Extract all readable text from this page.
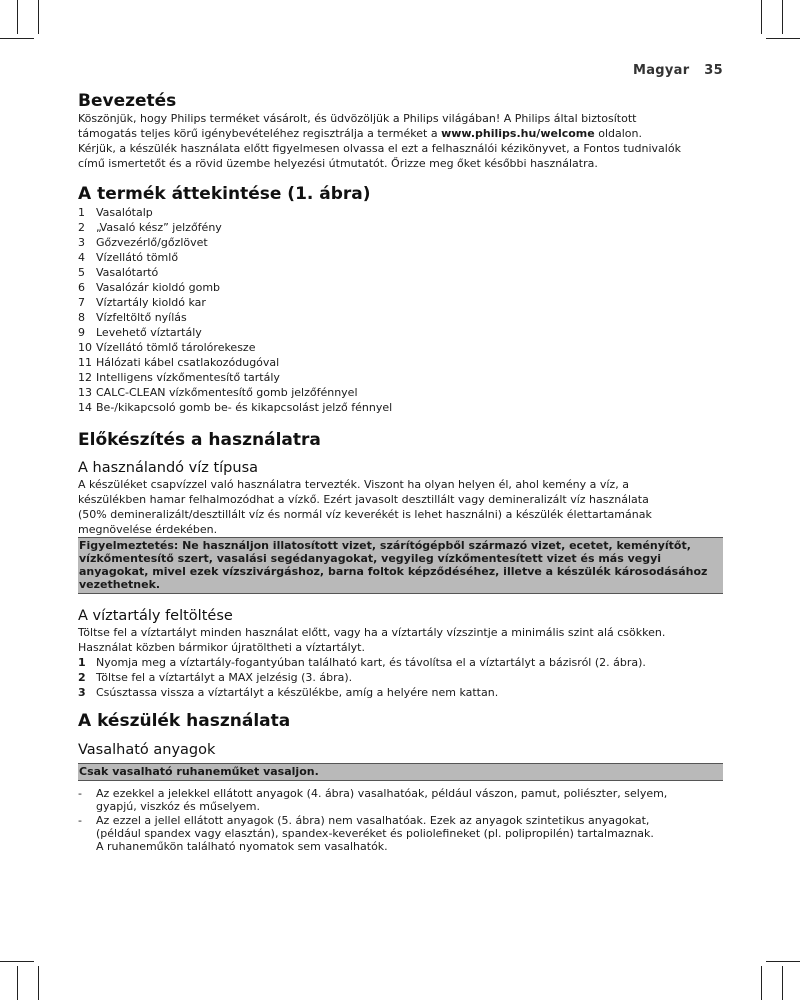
Magyar 35
Bevezetés

Köszönjük, hogy Philips terméket vásárolt, és üdvözöljük a Philips világában! A Philips által biztosított
támogatás teljes körű igénybevételéhez regisztrálja a terméket a www.philips.hu/welcome oldalon.

Kérjük, a készülék használata előtt figyelmesen olvassa el ezt a felhasználói kézikönyvet, a Fontos tudnivalók
című ismertetőt és a rövid üzembe helyezési útmutatót. Őrizze meg őket későbbi használatra.

A termék áttekintése (1. ábra)
1 Vasalótalp
2 „Vasaló kész” jelzőfény
3 Gőzvezérlő/gőzlövet
4 Vízellátó tömlő
5 Vasalótartó
6 Vasalózár kioldó gomb
7 Víztartály kioldó kar
8 Vízfeltöltő nyílás
9 Levehető víztartály
10 Vízellátó tömlő tárolórekesze
11 Hálózati kábel csatlakozódugóval
12 Intelligens vízkőmentesítő tartály
13 CALC-CLEAN vízkőmentesítő gomb jelzőfénnyel
14 Be-/kikapcsoló gomb be- és kikapcsolást jelző fénnyel
Előkészítés a használatra
A használandó víz típusa

A készüléket csapvízzel való használatra tervezték. Viszont ha olyan helyen él, ahol kemény a víz, a
készülékben hamar felhalmozódhat a vízkő. Ezért javasolt desztillált vagy demineralizált víz használata
(50% demineralizált/desztillált víz és normál víz keverékét is lehet használni) a készülék élettartamának
megnövelése érdekében.

Figyelmeztetés: Ne használjon illatosított vizet, szárítógépből származó vizet, ecetet, keményítőt,
vízkőmentesítő szert, vasalási segédanyagokat, vegyileg vízkőmentesített vizet és más vegyi
anyagokat, mivel ezek vízszivárgáshoz, barna foltok képződéséhez, illetve a készülék károsodásához
vezethetnek.
A víztartály feltöltése

Töltse fel a víztartályt minden használat előtt, vagy ha a víztartály vízszintje a minimális szint alá csökken.
Használat közben bármikor újratöltheti a víztartályt.

1 Nyomja meg a víztartály-fogantyúban található kart, és távolítsa el a víztartályt a bázisról (2. ábra).
2 Töltse fel a víztartályt a MAX jelzésig (3. ábra).
3 Csúsztassa vissza a víztartályt a készülékbe, amíg a helyére nem kattan.
A készülék használata
Vasalható anyagok
Csak vasalható ruhaneműket vasaljon.
- Az ezekkel a jelekkel ellátott anyagok (4. ábra) vasalhatóak, például vászon, pamut, poliészter, selyem,
gyapjú, viszkóz és műselyem.
- Az ezzel a jellel ellátott anyagok (5. ábra) nem vasalhatóak. Ezek az anyagok szintetikus anyagokat,
(például spandex vagy elasztán), spandex-keveréket és poliolefineket (pl. polipropilén) tartalmaznak.
A ruhaneműkön található nyomatok sem vasalhatók.
